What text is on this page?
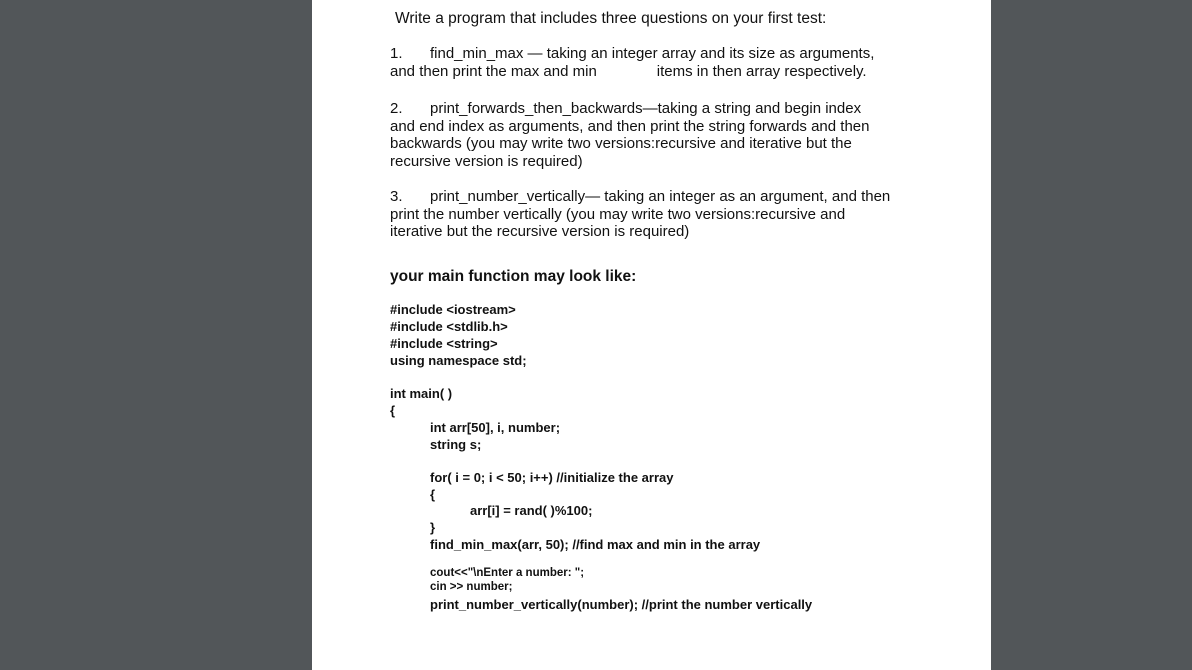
Write a program that includes three questions on your first test:
1. find_min_max — taking an integer array and its size as arguments,
and then print the max and min	items in then array respectively.
2. print_forwards_then_backwards—taking a string and begin index
and end index as arguments, and then print the string forwards and then
backwards (you may write two versions:recursive and iterative but the
recursive version is required)
3. print_number_vertically— taking an integer as an argument, and then
print the number vertically (you may write two versions:recursive and
iterative but the recursive version is required)
your main function may look like:
#include <iostream>
#include <stdlib.h>
#include <string>
using namespace std;
int main( )
{
int arr[50], i, number;
string s;
for( i = 0; i < 50; i++) //initialize the array
{
arr[i] = rand( )%100;
}
find_min_max(arr, 50); //find max and min in the array
cout<<"\nEnter a number: ";
cin >> number;
print_number_vertically(number); //print the number vertically
